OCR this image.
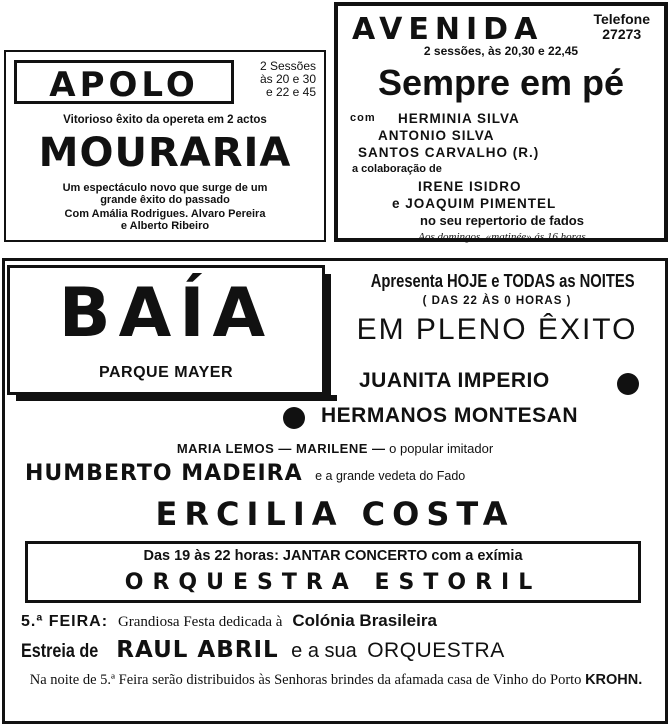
APOLO	2 Sessões
às 20 e 30
e 22 e 45
Vitorioso êxito da opereta em 2 actos
MOURARIA
Um espectáculo novo que surge de um
grande êxito do passado
Com Amália Rodrigues. Alvaro Pereira
e Alberto Ribeiro
AVENIDA	Telefone
27273
2 sessões, às 20,30 e 22,45
Sempre em pé
com HERMINIA SILVA
ANTONIO SILVA
SANTOS CARVALHO (R.)
a colaboração de
IRENE ISIDRO
e JOAQUIM PIMENTEL
no seu repertorio de fados
Aos domingos, «matinée» ás 16 horas
BAÍA
PARQUE MAYER
Apresenta HOJE e TODAS as NOITES
( DAS 22 ÀS 0 HORAS )
EM PLENO ÊXITO
JUANITA IMPERIO
HERMANOS MONTESAN
MARIA LEMOS — MARILENE — o popular imitador
HUMBERTO MADEIRA e a grande vedeta do Fado
ERCILIA COSTA
Das 19 às 22 horas: JANTAR CONCERTO com a exímia
ORQUESTRA ESTORIL
5.ª FEIRA: Grandiosa Festa dedicada à Colónia Brasileira
Estreia de RAUL ABRIL e a sua ORQUESTRA
Na noite de 5.ª Feira serão distribuidos às Senhoras brindes da afamada casa de Vinho do Porto KROHN.
